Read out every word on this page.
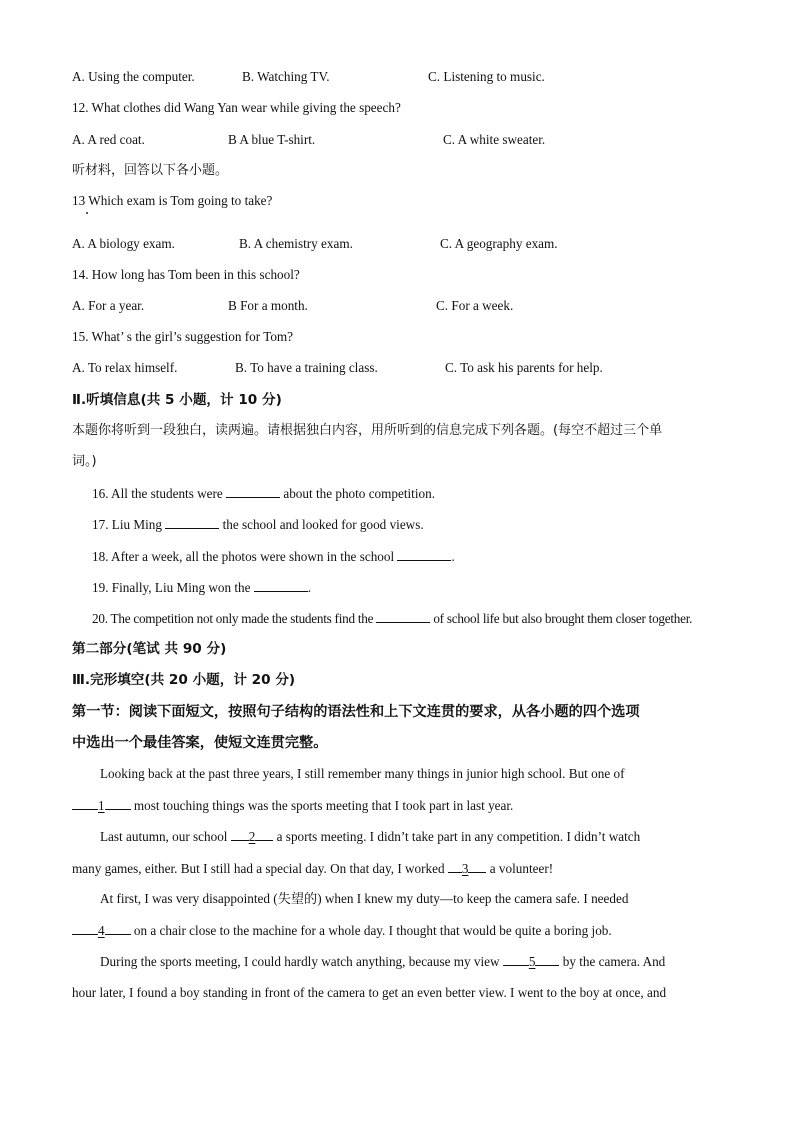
A. Using the computer.	B. Watching TV.	C. Listening to music.
12. What clothes did Wang Yan wear while giving the speech?
A. A red coat.	B A blue T-shirt.	C. A white sweater.
听材料，回答以下各小题。
13 Which exam is Tom going to take?
A. A biology exam.	B. A chemistry exam.	C. A geography exam.
14. How long has Tom been in this school?
A. For a year.	B For a month.	C. For a week.
15. What’ s the girl’s suggestion for Tom?
A. To relax himself.	B. To have a training class.	C. To ask his parents for help.
Ⅱ.听填信息(共 5 小题，计 10 分)
本题你将听到一段独白，读两遍。请根据独白内容，用所听到的信息完成下列各题。(每空不超过三个单
词。)
16. All the students were	about the photo competition.
17. Liu Ming	the school and looked for good views.
18. After a week, all the photos were shown in the school	.
19. Finally, Liu Ming won the	.
20. The competition not only made the students find the	of school life but also brought them closer together.
第二部分(笔试 共 90 分)
Ⅲ.完形填空(共 20 小题，计 20 分)
第一节：阅读下面短文，按照句子结构的语法性和上下文连贯的要求，从各小题的四个选项
中选出一个最佳答案，使短文连贯完整。
Looking back at the past three years, I still remember many things in junior high school. But one of
1 most touching things was the sports meeting that I took part in last year.
Last autumn, our school 2 a sports meeting. I didn’t take part in any competition. I didn’t watch
many games, either. But I still had a special day. On that day, I worked 3 a volunteer!
At first, I was very disappointed (失望的) when I knew my duty—to keep the camera safe. I needed
4 on a chair close to the machine for a whole day. I thought that would be quite a boring job.
During the sports meeting, I could hardly watch anything, because my view 5 by the camera. And
hour later, I found a boy standing in front of the camera to get an even better view. I went to the boy at once, and
